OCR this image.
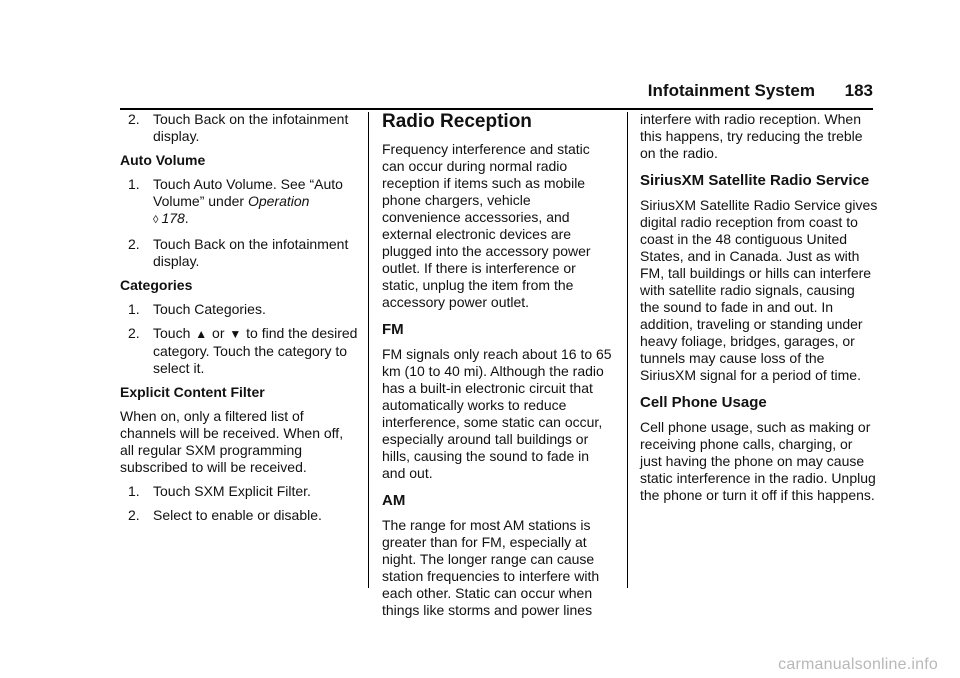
Infotainment System 183
2. Touch Back on the infotainment display.
Auto Volume
1. Touch Auto Volume. See “Auto Volume” under Operation
◊ 178.
2. Touch Back on the infotainment display.
Categories
1. Touch Categories.
2. Touch ▲ or ▼ to find the desired category. Touch the category to select it.
Explicit Content Filter

When on, only a filtered list of channels will be received. When off, all regular SXM programming subscribed to will be received.

1. Touch SXM Explicit Filter.
2. Select to enable or disable.
Radio Reception

Frequency interference and static can occur during normal radio reception if items such as mobile phone chargers, vehicle convenience accessories, and external electronic devices are plugged into the accessory power outlet. If there is interference or static, unplug the item from the accessory power outlet.

FM

FM signals only reach about 16 to 65 km (10 to 40 mi). Although the radio has a built-in electronic circuit that automatically works to reduce interference, some static can occur, especially around tall buildings or hills, causing the sound to fade in and out.

AM

The range for most AM stations is greater than for FM, especially at night. The longer range can cause station frequencies to interfere with each other. Static can occur when things like storms and power lines

interfere with radio reception. When this happens, try reducing the treble on the radio.

SiriusXM Satellite Radio Service

SiriusXM Satellite Radio Service gives digital radio reception from coast to coast in the 48 contiguous United States, and in Canada. Just as with FM, tall buildings or hills can interfere with satellite radio signals, causing the sound to fade in and out. In addition, traveling or standing under heavy foliage, bridges, garages, or tunnels may cause loss of the SiriusXM signal for a period of time.

Cell Phone Usage

Cell phone usage, such as making or receiving phone calls, charging, or just having the phone on may cause static interference in the radio. Unplug the phone or turn it off if this happens.

carmanualsonline.info
